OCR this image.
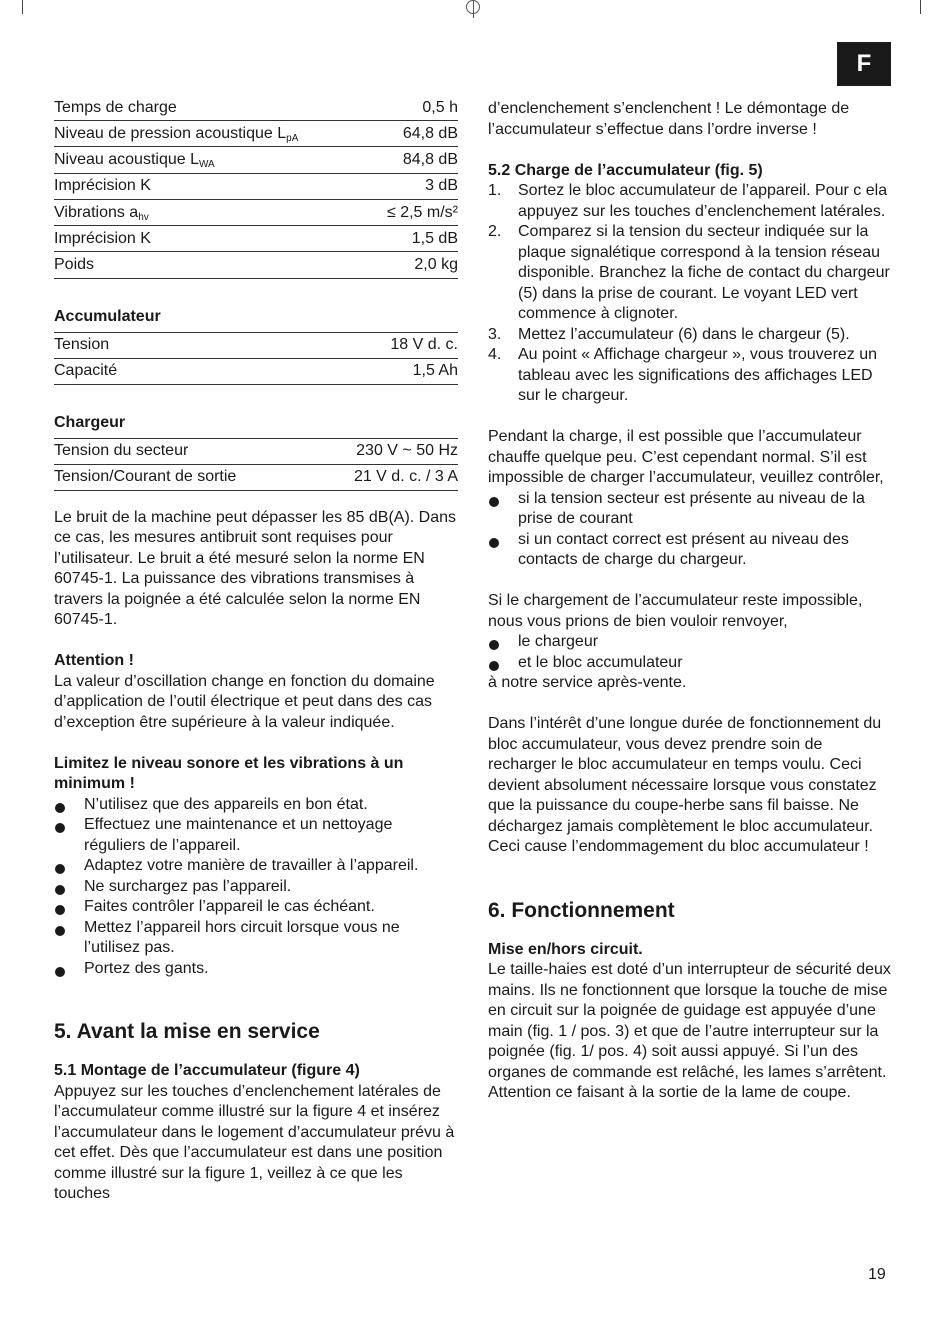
F
Temps de charge	0,5 h
Niveau de pression acoustique $L_{pA}$	64,8 dB
Niveau acoustique $L_{WA}$	84,8 dB
Imprécision K	3 dB
Vibrations $a_{hv}$	≤ 2,5 m/s²
Imprécision K	1,5 dB
Poids	2,0 kg
Accumulateur
Tension	18 V d. c.
Capacité	1,5 Ah
Chargeur
Tension du secteur	230 V ~ 50 Hz
Tension/Courant de sortie	21 V d. c. / 3 A

Le bruit de la machine peut dépasser les 85 dB(A). Dans ce cas, les mesures antibruit sont requises pour l’utilisateur. Le bruit a été mesuré selon la norme EN 60745-1. La puissance des vibrations transmises à travers la poignée a été calculée selon la norme EN 60745-1.

Attention !

La valeur d’oscillation change en fonction du domaine d’application de l’outil électrique et peut dans des cas d’exception être supérieure à la valeur indiquée.

Limitez le niveau sonore et les vibrations à un minimum !
N’utilisez que des appareils en bon état.
Effectuez une maintenance et un nettoyage réguliers de l’appareil.
Adaptez votre manière de travailler à l’appareil.
Ne surchargez pas l’appareil.
Faites contrôler l’appareil le cas échéant.
Mettez l’appareil hors circuit lorsque vous ne l’utilisez pas.
Portez des gants.
5. Avant la mise en service
5.1 Montage de l’accumulateur (figure 4)

Appuyez sur les touches d’enclenchement latérales de l’accumulateur comme illustré sur la figure 4 et insérez l’accumulateur dans le logement d’accumulateur prévu à cet effet. Dès que l’accumulateur est dans une position comme illustré sur la figure 1, veillez à ce que les touches

d’enclenchement s’enclenchent ! Le démontage de l’accumulateur s’effectue dans l’ordre inverse !

5.2 Charge de l’accumulateur (fig. 5)
1. Sortez le bloc accumulateur de l’appareil. Pour c ela appuyez sur les touches d’enclenchement latérales.
2. Comparez si la tension du secteur indiquée sur la plaque signalétique correspond à la tension réseau disponible. Branchez la fiche de contact du chargeur (5) dans la prise de courant. Le voyant LED vert commence à clignoter.
3. Mettez l’accumulateur (6) dans le chargeur (5).
4. Au point « Affichage chargeur », vous trouverez un tableau avec les significations des affichages LED sur le chargeur.

Pendant la charge, il est possible que l’accumulateur chauffe quelque peu. C’est cependant normal. S’il est impossible de charger l’accumulateur, veuillez contrôler,

si la tension secteur est présente au niveau de la prise de courant
si un contact correct est présent au niveau des contacts de charge du chargeur.

Si le chargement de l’accumulateur reste impossible, nous vous prions de bien vouloir renvoyer,

le chargeur
et le bloc accumulateur

à notre service après-vente.

Dans l’intérêt d’une longue durée de fonctionnement du bloc accumulateur, vous devez prendre soin de recharger le bloc accumulateur en temps voulu. Ceci devient absolument nécessaire lorsque vous constatez que la puissance du coupe-herbe sans fil baisse. Ne déchargez jamais complètement le bloc accumulateur. Ceci cause l’endommagement du bloc accumulateur !

6. Fonctionnement
Mise en/hors circuit.

Le taille-haies est doté d’un interrupteur de sécurité deux mains. Ils ne fonctionnent que lorsque la touche de mise en circuit sur la poignée de guidage est appuyée d’une main (fig. 1 / pos. 3) et que de l’autre interrupteur sur la poignée (fig. 1/ pos. 4) soit aussi appuyé. Si l’un des organes de commande est relâché, les lames s’arrêtent. Attention ce faisant à la sortie de la lame de coupe.

19
